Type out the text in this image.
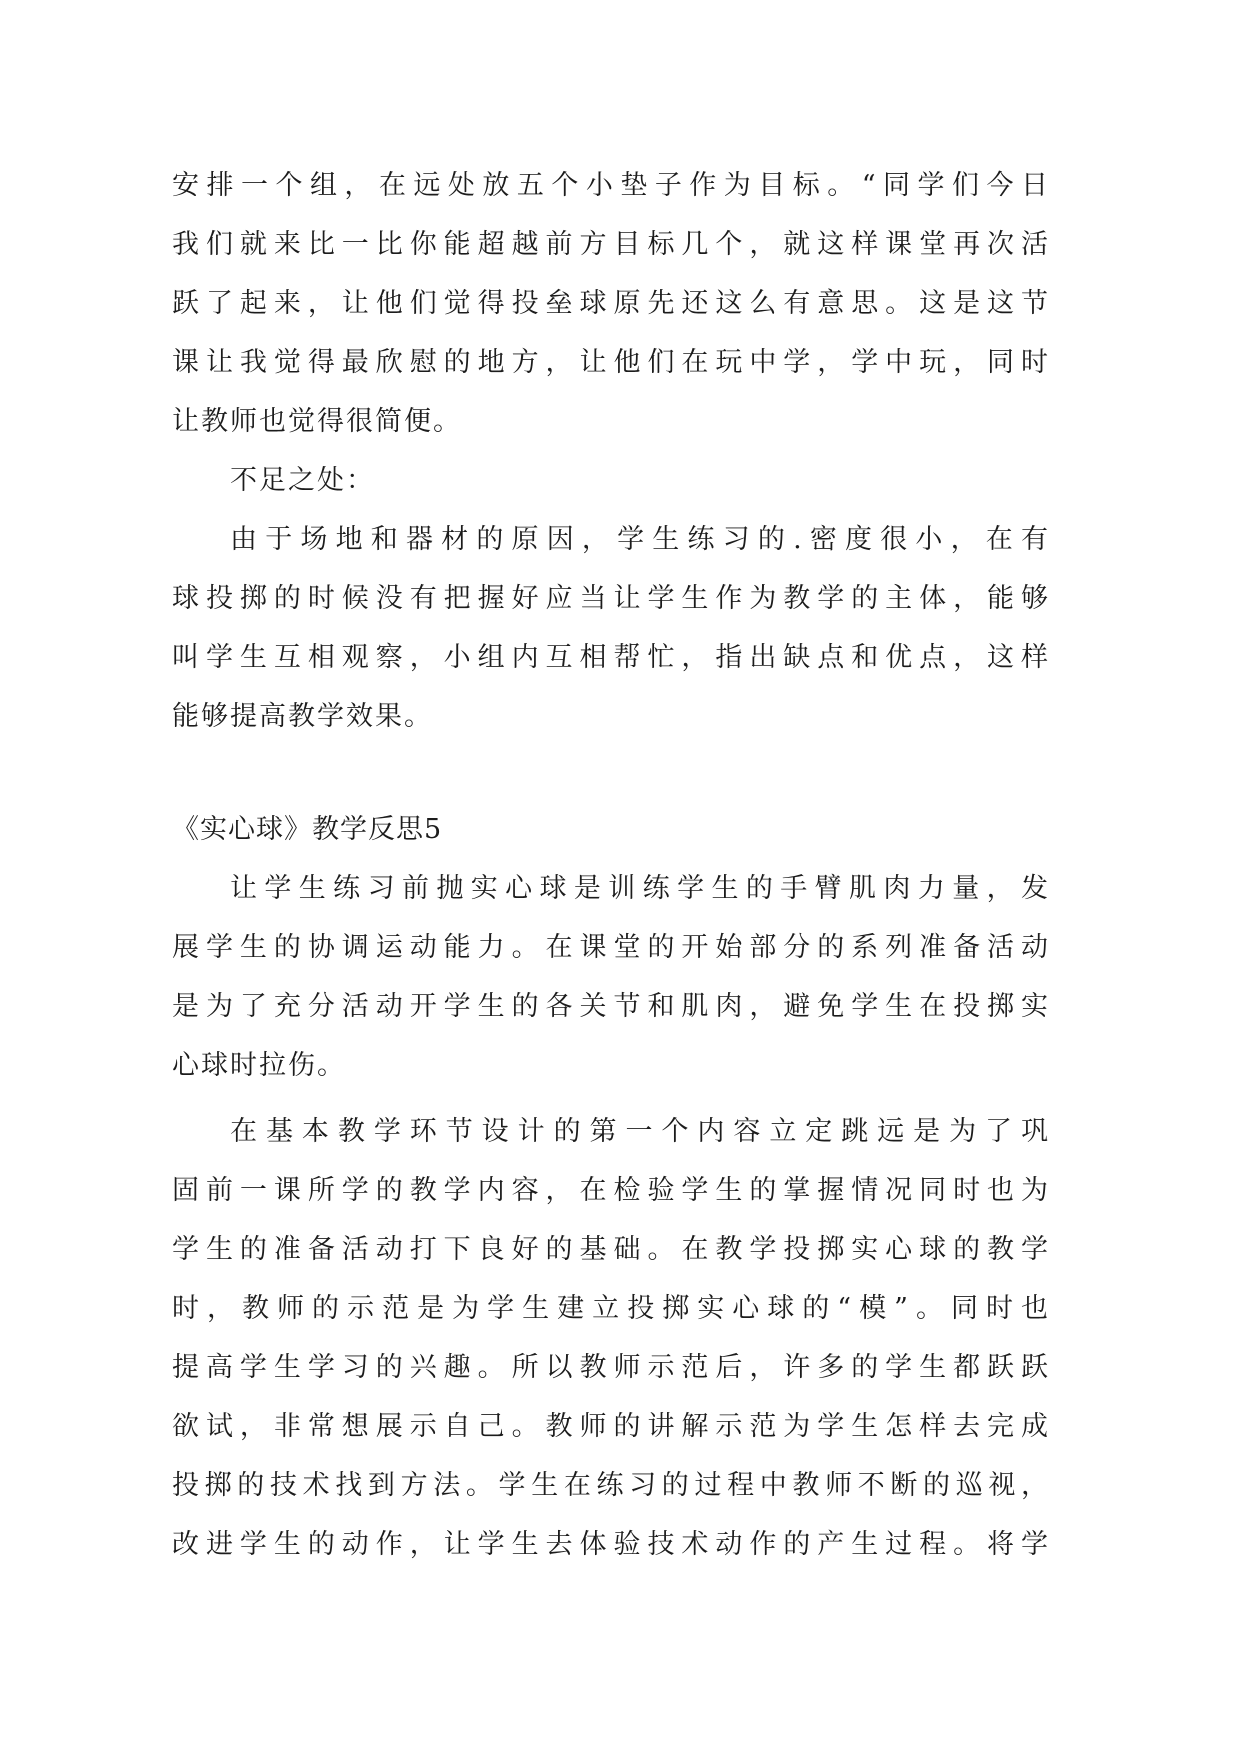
安排一个组，在远处放五个小垫子作为目标。“同学们今日
我们就来比一比你能超越前方目标几个，就这样课堂再次活
跃了起来，让他们觉得投垒球原先还这么有意思。这是这节
课让我觉得最欣慰的地方，让他们在玩中学，学中玩，同时
让教师也觉得很简便。
不足之处：
由于场地和器材的原因，学生练习的.密度很小，在有
球投掷的时候没有把握好应当让学生作为教学的主体，能够
叫学生互相观察，小组内互相帮忙，指出缺点和优点，这样
能够提高教学效果。
《实心球》教学反思5
让学生练习前抛实心球是训练学生的手臂肌肉力量，发
展学生的协调运动能力。在课堂的开始部分的系列准备活动
是为了充分活动开学生的各关节和肌肉，避免学生在投掷实
心球时拉伤。
在基本教学环节设计的第一个内容立定跳远是为了巩
固前一课所学的教学内容，在检验学生的掌握情况同时也为
学生的准备活动打下良好的基础。在教学投掷实心球的教学
时，教师的示范是为学生建立投掷实心球的“模”。同时也
提高学生学习的兴趣。所以教师示范后，许多的学生都跃跃
欲试，非常想展示自己。教师的讲解示范为学生怎样去完成
投掷的技术找到方法。学生在练习的过程中教师不断的巡视，
改进学生的动作，让学生去体验技术动作的产生过程。将学
